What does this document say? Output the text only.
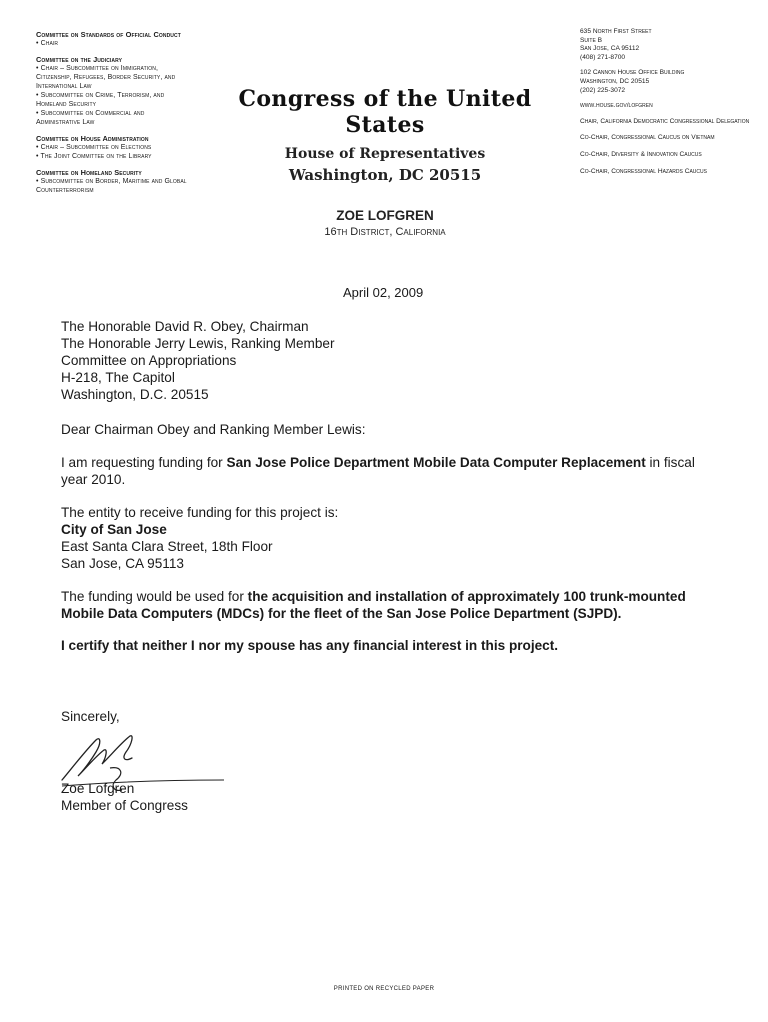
Committee on Standards of Official Conduct
• Chair
Committee on the Judiciary
• Chair – Subcommittee on Immigration,
Citizenship, Refugees, Border Security, and
International Law
• Subcommittee on Crime, Terrorism, and
Homeland Security
• Subcommittee on Commercial and
Administrative Law
Committee on House Administration
• Chair – Subcommittee on Elections
• The Joint Committee on the Library
Committee on Homeland Security
• Subcommittee on Border, Maritime and Global
Counterterrorism
Congress of the United States
House of Representatives
Washington, DC 20515
ZOE LOFGREN
16th District, California
635 North First Street
Suite B
San Jose, CA 95112
(408) 271-8700
102 Cannon House Office Building
Washington, DC 20515
(202) 225-3072
www.house.gov/lofgren
Chair, California Democratic Congressional Delegation
Co-Chair, Congressional Caucus on Vietnam
Co-Chair, Diversity & Innovation Caucus
Co-Chair, Congressional Hazards Caucus
April 02, 2009
The Honorable David R. Obey, Chairman
The Honorable Jerry Lewis, Ranking Member
Committee on Appropriations
H-218, The Capitol
Washington, D.C. 20515

Dear Chairman Obey and Ranking Member Lewis:

I am requesting funding for San Jose Police Department Mobile Data Computer Replacement in fiscal year 2010.

The entity to receive funding for this project is:
City of San Jose
East Santa Clara Street, 18th Floor
San Jose, CA 95113

The funding would be used for the acquisition and installation of approximately 100 trunk-mounted Mobile Data Computers (MDCs) for the fleet of the San Jose Police Department (SJPD).

I certify that neither I nor my spouse has any financial interest in this project.

Sincerely,
Zoe Lofgren
Member of Congress
PRINTED ON RECYCLED PAPER
